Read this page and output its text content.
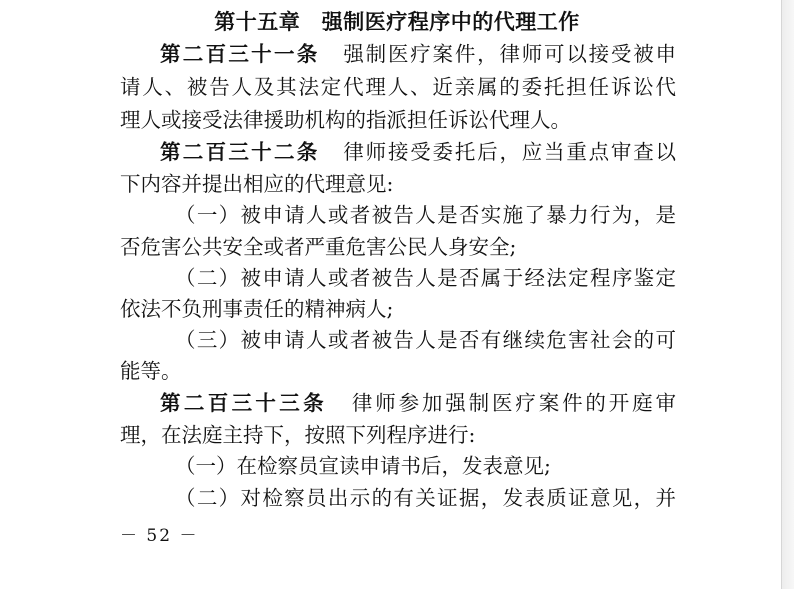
第十五章　强制医疗程序中的代理工作
第二百三十一条 强制医疗案件，律师可以接受被申
请人、被告人及其法定代理人、近亲属的委托担任诉讼代
理人或接受法律援助机构的指派担任诉讼代理人。
第二百三十二条 律师接受委托后，应当重点审查以
下内容并提出相应的代理意见:
（一）被申请人或者被告人是否实施了暴力行为，是
否危害公共安全或者严重危害公民人身安全;
（二）被申请人或者被告人是否属于经法定程序鉴定
依法不负刑事责任的精神病人;
（三）被申请人或者被告人是否有继续危害社会的可
能等。
第二百三十三条 律师参加强制医疗案件的开庭审
理，在法庭主持下，按照下列程序进行:
（一）在检察员宣读申请书后，发表意见;
（二）对检察员出示的有关证据，发表质证意见，并
－ 52 －
